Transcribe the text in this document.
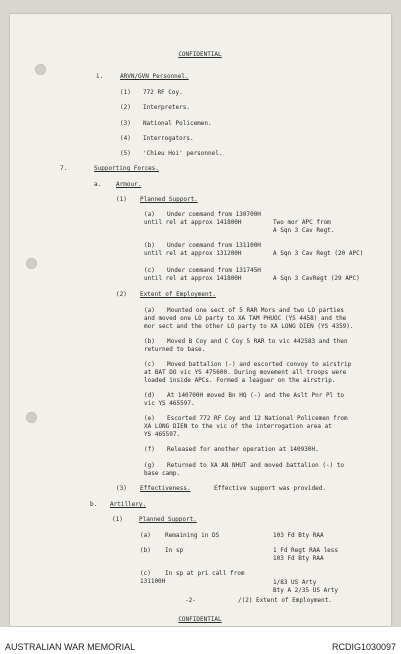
CONFIDENTIAL
i.	ARVN/GVN Personnel.
(1) 772 RF Coy.
(2) Interpreters.
(3) National Policemen.
(4) Interrogators.
(5) 'Chieu Hoi' personnel.
7.	Supporting Forces.
a. Armour.
(1) Planned Support.
(a) Under command from 130700H
until rel at approx 141800H	Two mor APC from
A Sqn 3 Cav Regt.
(b) Under command from 131100H
until rel at approx 131200H	A Sqn 3 Cav Regt (20 APC)
(c) Under command from 131745H
until rel at approx 141800H	A Sqn 3 CavRegt (29 APC)
(2) Extent of Employment.
(a) Mounted one sect of 5 RAR Mors and two LO parties
and moved one LO party to XA TAM PHUOC (YS 4458) and the
mor sect and the other LO party to XA LONG DIEN (YS 4359).
(b) Moved B Coy and C Coy 5 RAR to vic 442583 and then
returned to base.
(c) Moved battalion (-) and escorted convoy to airstrip
at BAT DO vic YS 475600. During movement all troops were
loaded inside APCs. Formed a leaguer on the airstrip.
(d) At 140700H moved Bn HQ (-) and the Aslt Pnr Pl to
vic YS 465597.
(e) Escorted 772 RF Coy and 12 National Policemen from
XA LONG DIEN to the vic of the interrogation area at
YS 465597.
(f) Released for another operation at 140930H.
(g) Returned to XA AN NHUT and moved battalion (-) to
base camp.
(3) Effectiveness.	Effective support was provided.
b. Artillery.
(1)	Planned Support.
(a) Remaining in DS	103 Fd Bty RAA
(b) In sp	1 Fd Regt RAA less
103 Fd Bty RAA
(c) In sp at pri call from
131100H	1/83 US Arty
Bty A 2/35 US Arty
-2-	/(2) Extent of Employment.
CONFIDENTIAL
AUSTRALIAN WAR MEMORIAL	RCDIG1030097
